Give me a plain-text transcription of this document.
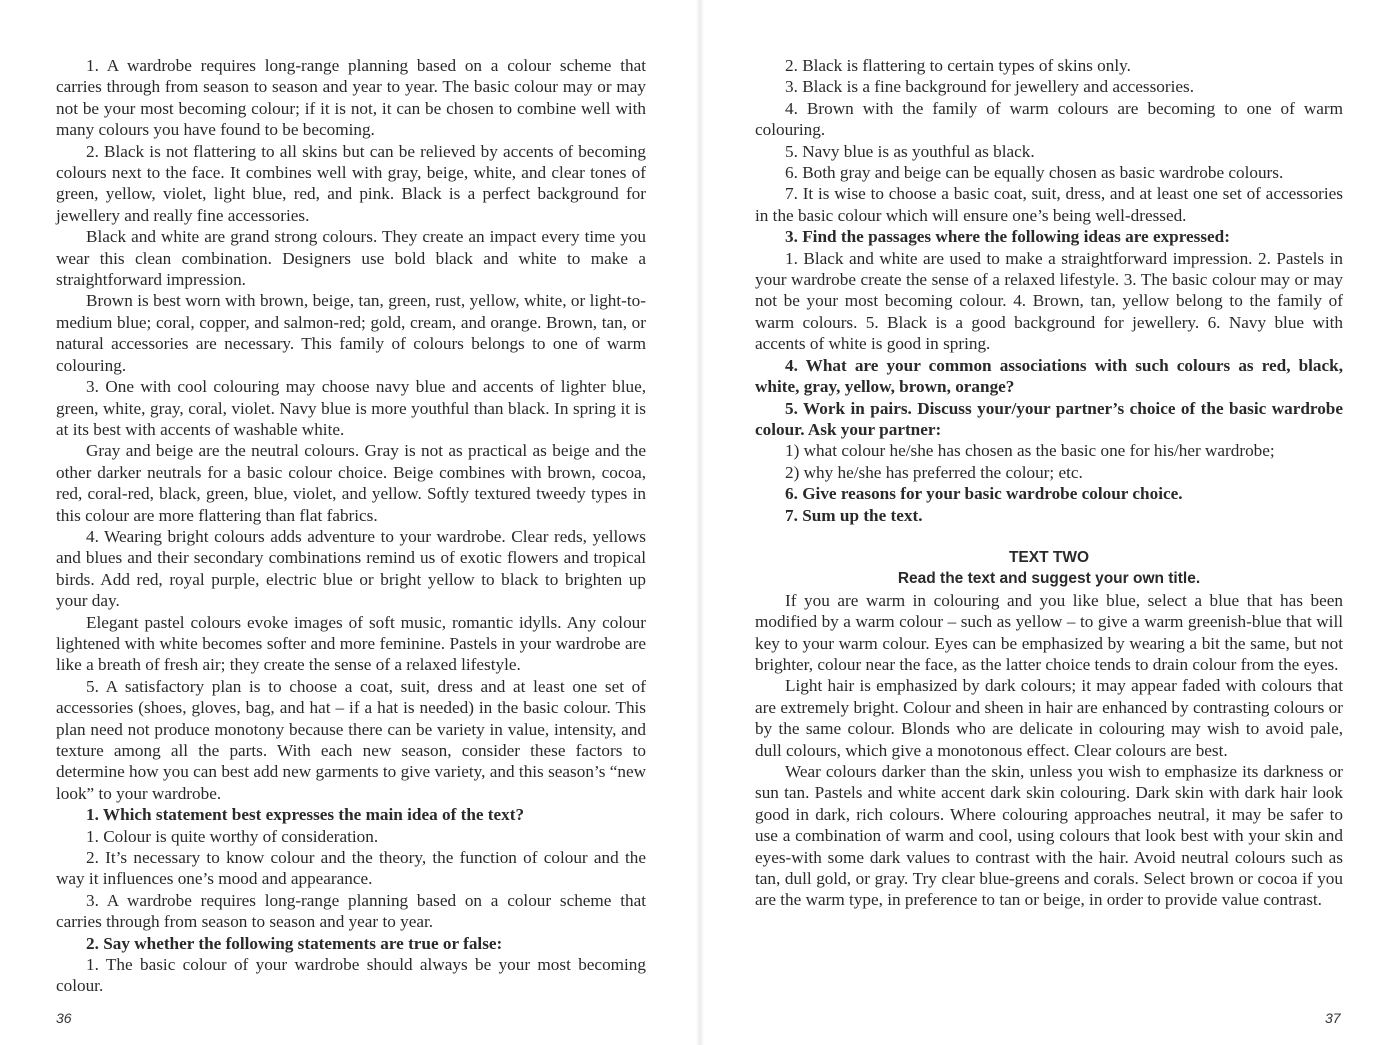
1. A wardrobe requires long-range planning based on a colour scheme that carries through from season to season and year to year. The basic colour may or may not be your most becoming colour; if it is not, it can be chosen to combine well with many colours you have found to be becoming.

2. Black is not flattering to all skins but can be relieved by accents of becoming colours next to the face. It combines well with gray, beige, white, and clear tones of green, yellow, violet, light blue, red, and pink. Black is a perfect background for jewellery and really fine accessories.

Black and white are grand strong colours. They create an impact every time you wear this clean combination. Designers use bold black and white to make a straightforward impression.

Brown is best worn with brown, beige, tan, green, rust, yellow, white, or light-to-medium blue; coral, copper, and salmon-red; gold, cream, and orange. Brown, tan, or natural accessories are necessary. This family of colours belongs to one of warm colouring.

3. One with cool colouring may choose navy blue and accents of lighter blue, green, white, gray, coral, violet. Navy blue is more youthful than black. In spring it is at its best with accents of washable white.

Gray and beige are the neutral colours. Gray is not as practical as beige and the other darker neutrals for a basic colour choice. Beige combines with brown, cocoa, red, coral-red, black, green, blue, violet, and yellow. Softly textured tweedy types in this colour are more flattering than flat fabrics.

4. Wearing bright colours adds adventure to your wardrobe. Clear reds, yellows and blues and their secondary combinations remind us of exotic flowers and tropical birds. Add red, royal purple, electric blue or bright yellow to black to brighten up your day.

Elegant pastel colours evoke images of soft music, romantic idylls. Any colour lightened with white becomes softer and more feminine. Pastels in your wardrobe are like a breath of fresh air; they create the sense of a relaxed lifestyle.

5. A satisfactory plan is to choose a coat, suit, dress and at least one set of accessories (shoes, gloves, bag, and hat – if a hat is needed) in the basic colour. This plan need not produce monotony because there can be variety in value, intensity, and texture among all the parts. With each new season, consider these factors to determine how you can best add new garments to give variety, and this season’s “new look” to your wardrobe.

1. Which statement best expresses the main idea of the text?

1. Colour is quite worthy of consideration.

2. It’s necessary to know colour and the theory, the function of colour and the way it influences one’s mood and appearance.

3. A wardrobe requires long-range planning based on a colour scheme that carries through from season to season and year to year.

2. Say whether the following statements are true or false:

1. The basic colour of your wardrobe should always be your most becoming colour.

2. Black is flattering to certain types of skins only.

3. Black is a fine background for jewellery and accessories.

4. Brown with the family of warm colours are becoming to one of warm colouring.

5. Navy blue is as youthful as black.

6. Both gray and beige can be equally chosen as basic wardrobe colours.

7. It is wise to choose a basic coat, suit, dress, and at least one set of accessories in the basic colour which will ensure one’s being well-dressed.

3. Find the passages where the following ideas are expressed:

1. Black and white are used to make a straightforward impression. 2. Pastels in your wardrobe create the sense of a relaxed lifestyle. 3. The basic colour may or may not be your most becoming colour. 4. Brown, tan, yellow belong to the family of warm colours. 5. Black is a good background for jewellery. 6. Navy blue with accents of white is good in spring.

4. What are your common associations with such colours as red, black, white, gray, yellow, brown, orange?

5. Work in pairs. Discuss your/your partner’s choice of the basic wardrobe colour. Ask your partner:

1) what colour he/she has chosen as the basic one for his/her wardrobe;

2) why he/she has preferred the colour; etc.

6. Give reasons for your basic wardrobe colour choice.

7. Sum up the text.

TEXT TWO

Read the text and suggest your own title.

If you are warm in colouring and you like blue, select a blue that has been modified by a warm colour – such as yellow – to give a warm greenish-blue that will key to your warm colour. Eyes can be emphasized by wearing a bit the same, but not brighter, colour near the face, as the latter choice tends to drain colour from the eyes.

Light hair is emphasized by dark colours; it may appear faded with colours that are extremely bright. Colour and sheen in hair are enhanced by contrasting colours or by the same colour. Blonds who are delicate in colouring may wish to avoid pale, dull colours, which give a monotonous effect. Clear colours are best.

Wear colours darker than the skin, unless you wish to emphasize its darkness or sun tan. Pastels and white accent dark skin colouring. Dark skin with dark hair look good in dark, rich colours. Where colouring approaches neutral, it may be safer to use a combination of warm and cool, using colours that look best with your skin and eyes-with some dark values to contrast with the hair. Avoid neutral colours such as tan, dull gold, or gray. Try clear blue-greens and corals. Select brown or cocoa if you are the warm type, in preference to tan or beige, in order to provide value contrast.

36	37
